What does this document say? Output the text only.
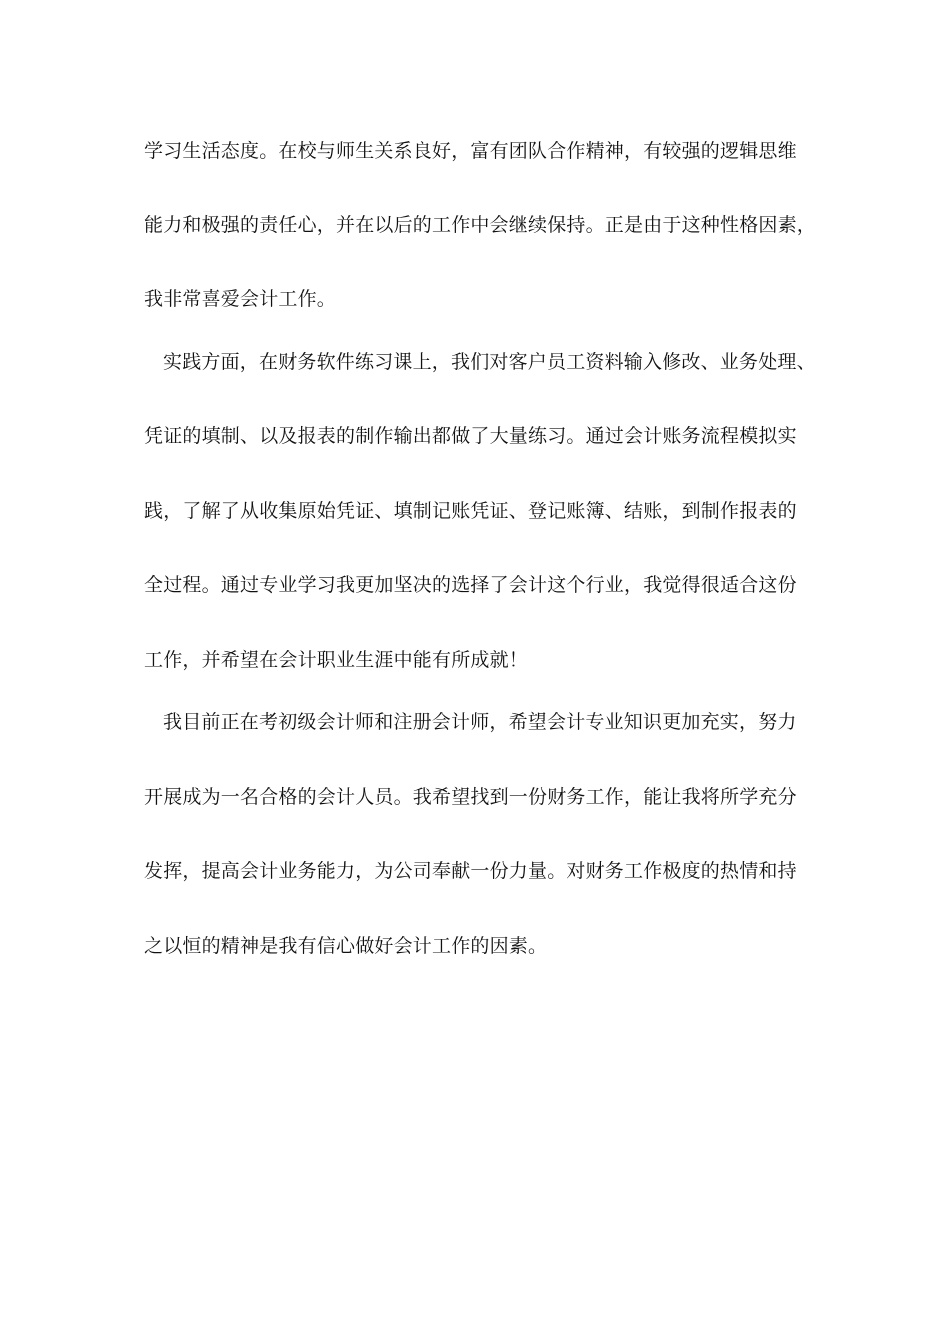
学习生活态度。在校与师生关系良好，富有团队合作精神，有较强的逻辑思维
能力和极强的责任心，并在以后的工作中会继续保持。正是由于这种性格因素，
我非常喜爱会计工作。
实践方面，在财务软件练习课上，我们对客户员工资料输入修改、业务处理、
凭证的填制、以及报表的制作输出都做了大量练习。通过会计账务流程模拟实
践，了解了从收集原始凭证、填制记账凭证、登记账簿、结账，到制作报表的
全过程。通过专业学习我更加坚决的选择了会计这个行业，我觉得很适合这份
工作，并希望在会计职业生涯中能有所成就！
我目前正在考初级会计师和注册会计师，希望会计专业知识更加充实，努力
开展成为一名合格的会计人员。我希望找到一份财务工作，能让我将所学充分
发挥，提高会计业务能力，为公司奉献一份力量。对财务工作极度的热情和持
之以恒的精神是我有信心做好会计工作的因素。
